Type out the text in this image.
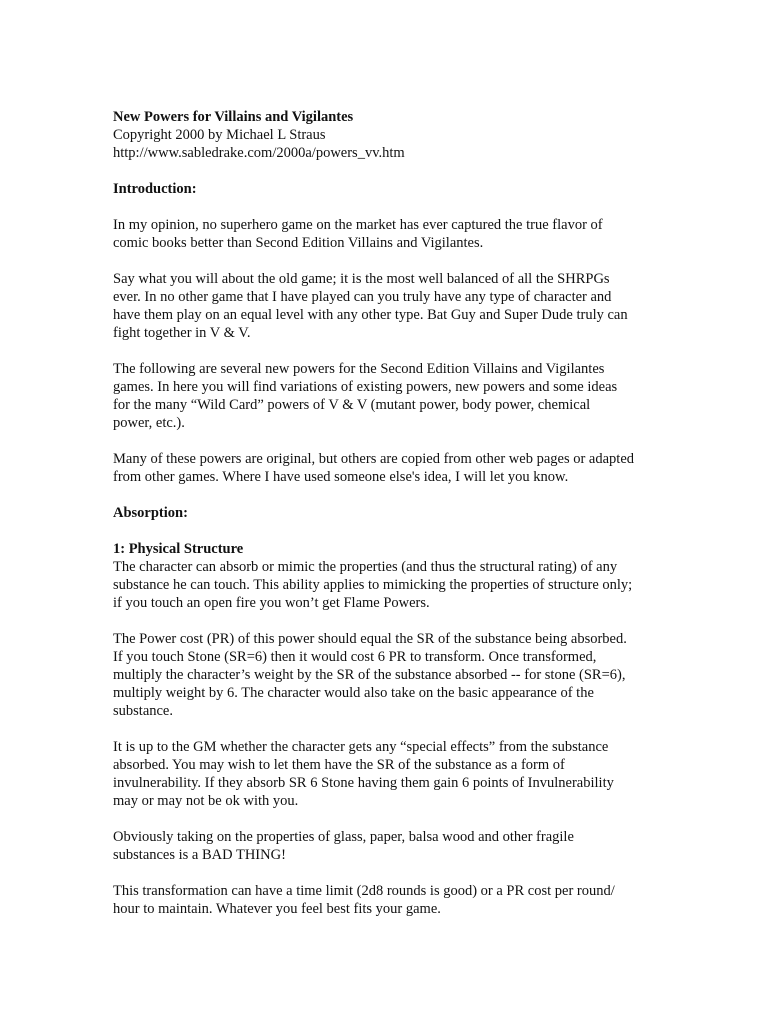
New Powers for Villains and Vigilantes
Copyright 2000 by Michael L Straus
http://www.sabledrake.com/2000a/powers_vv.htm
Introduction:

In my opinion, no superhero game on the market has ever captured the true flavor of
comic books better than Second Edition Villains and Vigilantes.

Say what you will about the old game; it is the most well balanced of all the SHRPGs
ever. In no other game that I have played can you truly have any type of character and
have them play on an equal level with any other type. Bat Guy and Super Dude truly can
fight together in V & V.

The following are several new powers for the Second Edition Villains and Vigilantes
games. In here you will find variations of existing powers, new powers and some ideas
for the many “Wild Card” powers of V & V (mutant power, body power, chemical
power, etc.).

Many of these powers are original, but others are copied from other web pages or adapted
from other games. Where I have used someone else's idea, I will let you know.

Absorption:
1: Physical Structure

The character can absorb or mimic the properties (and thus the structural rating) of any
substance he can touch. This ability applies to mimicking the properties of structure only;
if you touch an open fire you won’t get Flame Powers.

The Power cost (PR) of this power should equal the SR of the substance being absorbed.
If you touch Stone (SR=6) then it would cost 6 PR to transform. Once transformed,
multiply the character’s weight by the SR of the substance absorbed -- for stone (SR=6),
multiply weight by 6. The character would also take on the basic appearance of the
substance.

It is up to the GM whether the character gets any “special effects” from the substance
absorbed. You may wish to let them have the SR of the substance as a form of
invulnerability. If they absorb SR 6 Stone having them gain 6 points of Invulnerability
may or may not be ok with you.

Obviously taking on the properties of glass, paper, balsa wood and other fragile
substances is a BAD THING!

This transformation can have a time limit (2d8 rounds is good) or a PR cost per round/
hour to maintain. Whatever you feel best fits your game.
